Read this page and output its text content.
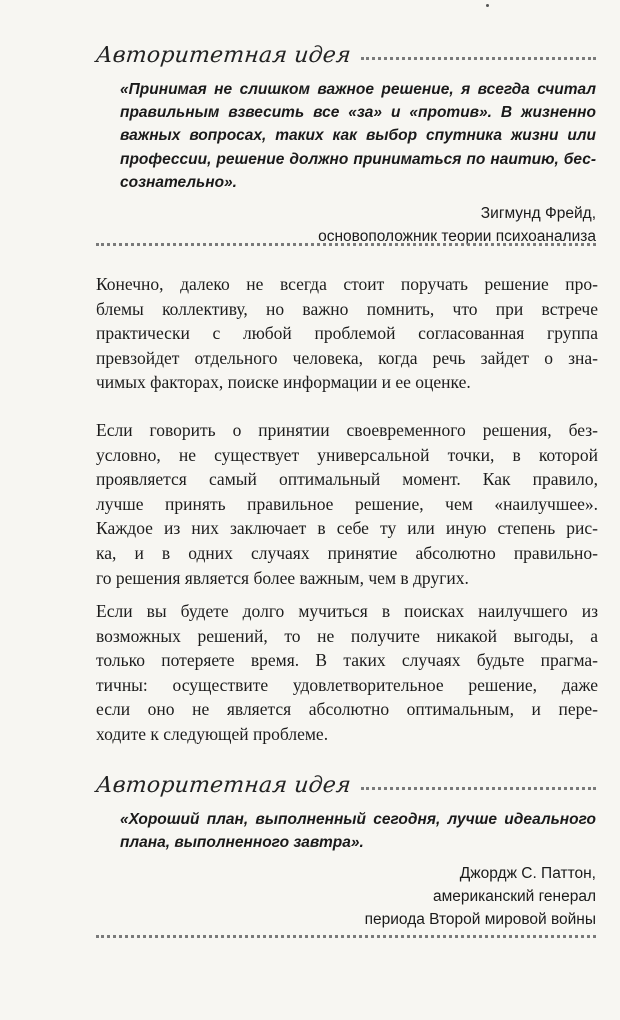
Авторитетная идея
«Принимая не слишком важное решение, я всегда считал
правильным взвесить все «за» и «против». В жизненно
важных вопросах, таких как выбор спутника жизни или
профессии, решение должно приниматься по наитию, бес-
сознательно».
Зигмунд Фрейд,
основоположник теории психоанализа
Конечно, далеко не всегда стоит поручать решение про-
блемы коллективу, но важно помнить, что при встрече
практически с любой проблемой согласованная группа
превзойдет отдельного человека, когда речь зайдет о зна-
чимых факторах, поиске информации и ее оценке.
Если говорить о принятии своевременного решения, без-
условно, не существует универсальной точки, в которой
проявляется самый оптимальный момент. Как правило,
лучше принять правильное решение, чем «наилучшее».
Каждое из них заключает в себе ту или иную степень рис-
ка, и в одних случаях принятие абсолютно правильно-
го решения является более важным, чем в других.
Если вы будете долго мучиться в поисках наилучшего из
возможных решений, то не получите никакой выгоды, а
только потеряете время. В таких случаях будьте прагма-
тичны: осуществите удовлетворительное решение, даже
если оно не является абсолютно оптимальным, и пере-
ходите к следующей проблеме.
Авторитетная идея
«Хороший план, выполненный сегодня, лучше идеального
плана, выполненного завтра».
Джордж С. Паттон,
американский генерал
периода Второй мировой войны
